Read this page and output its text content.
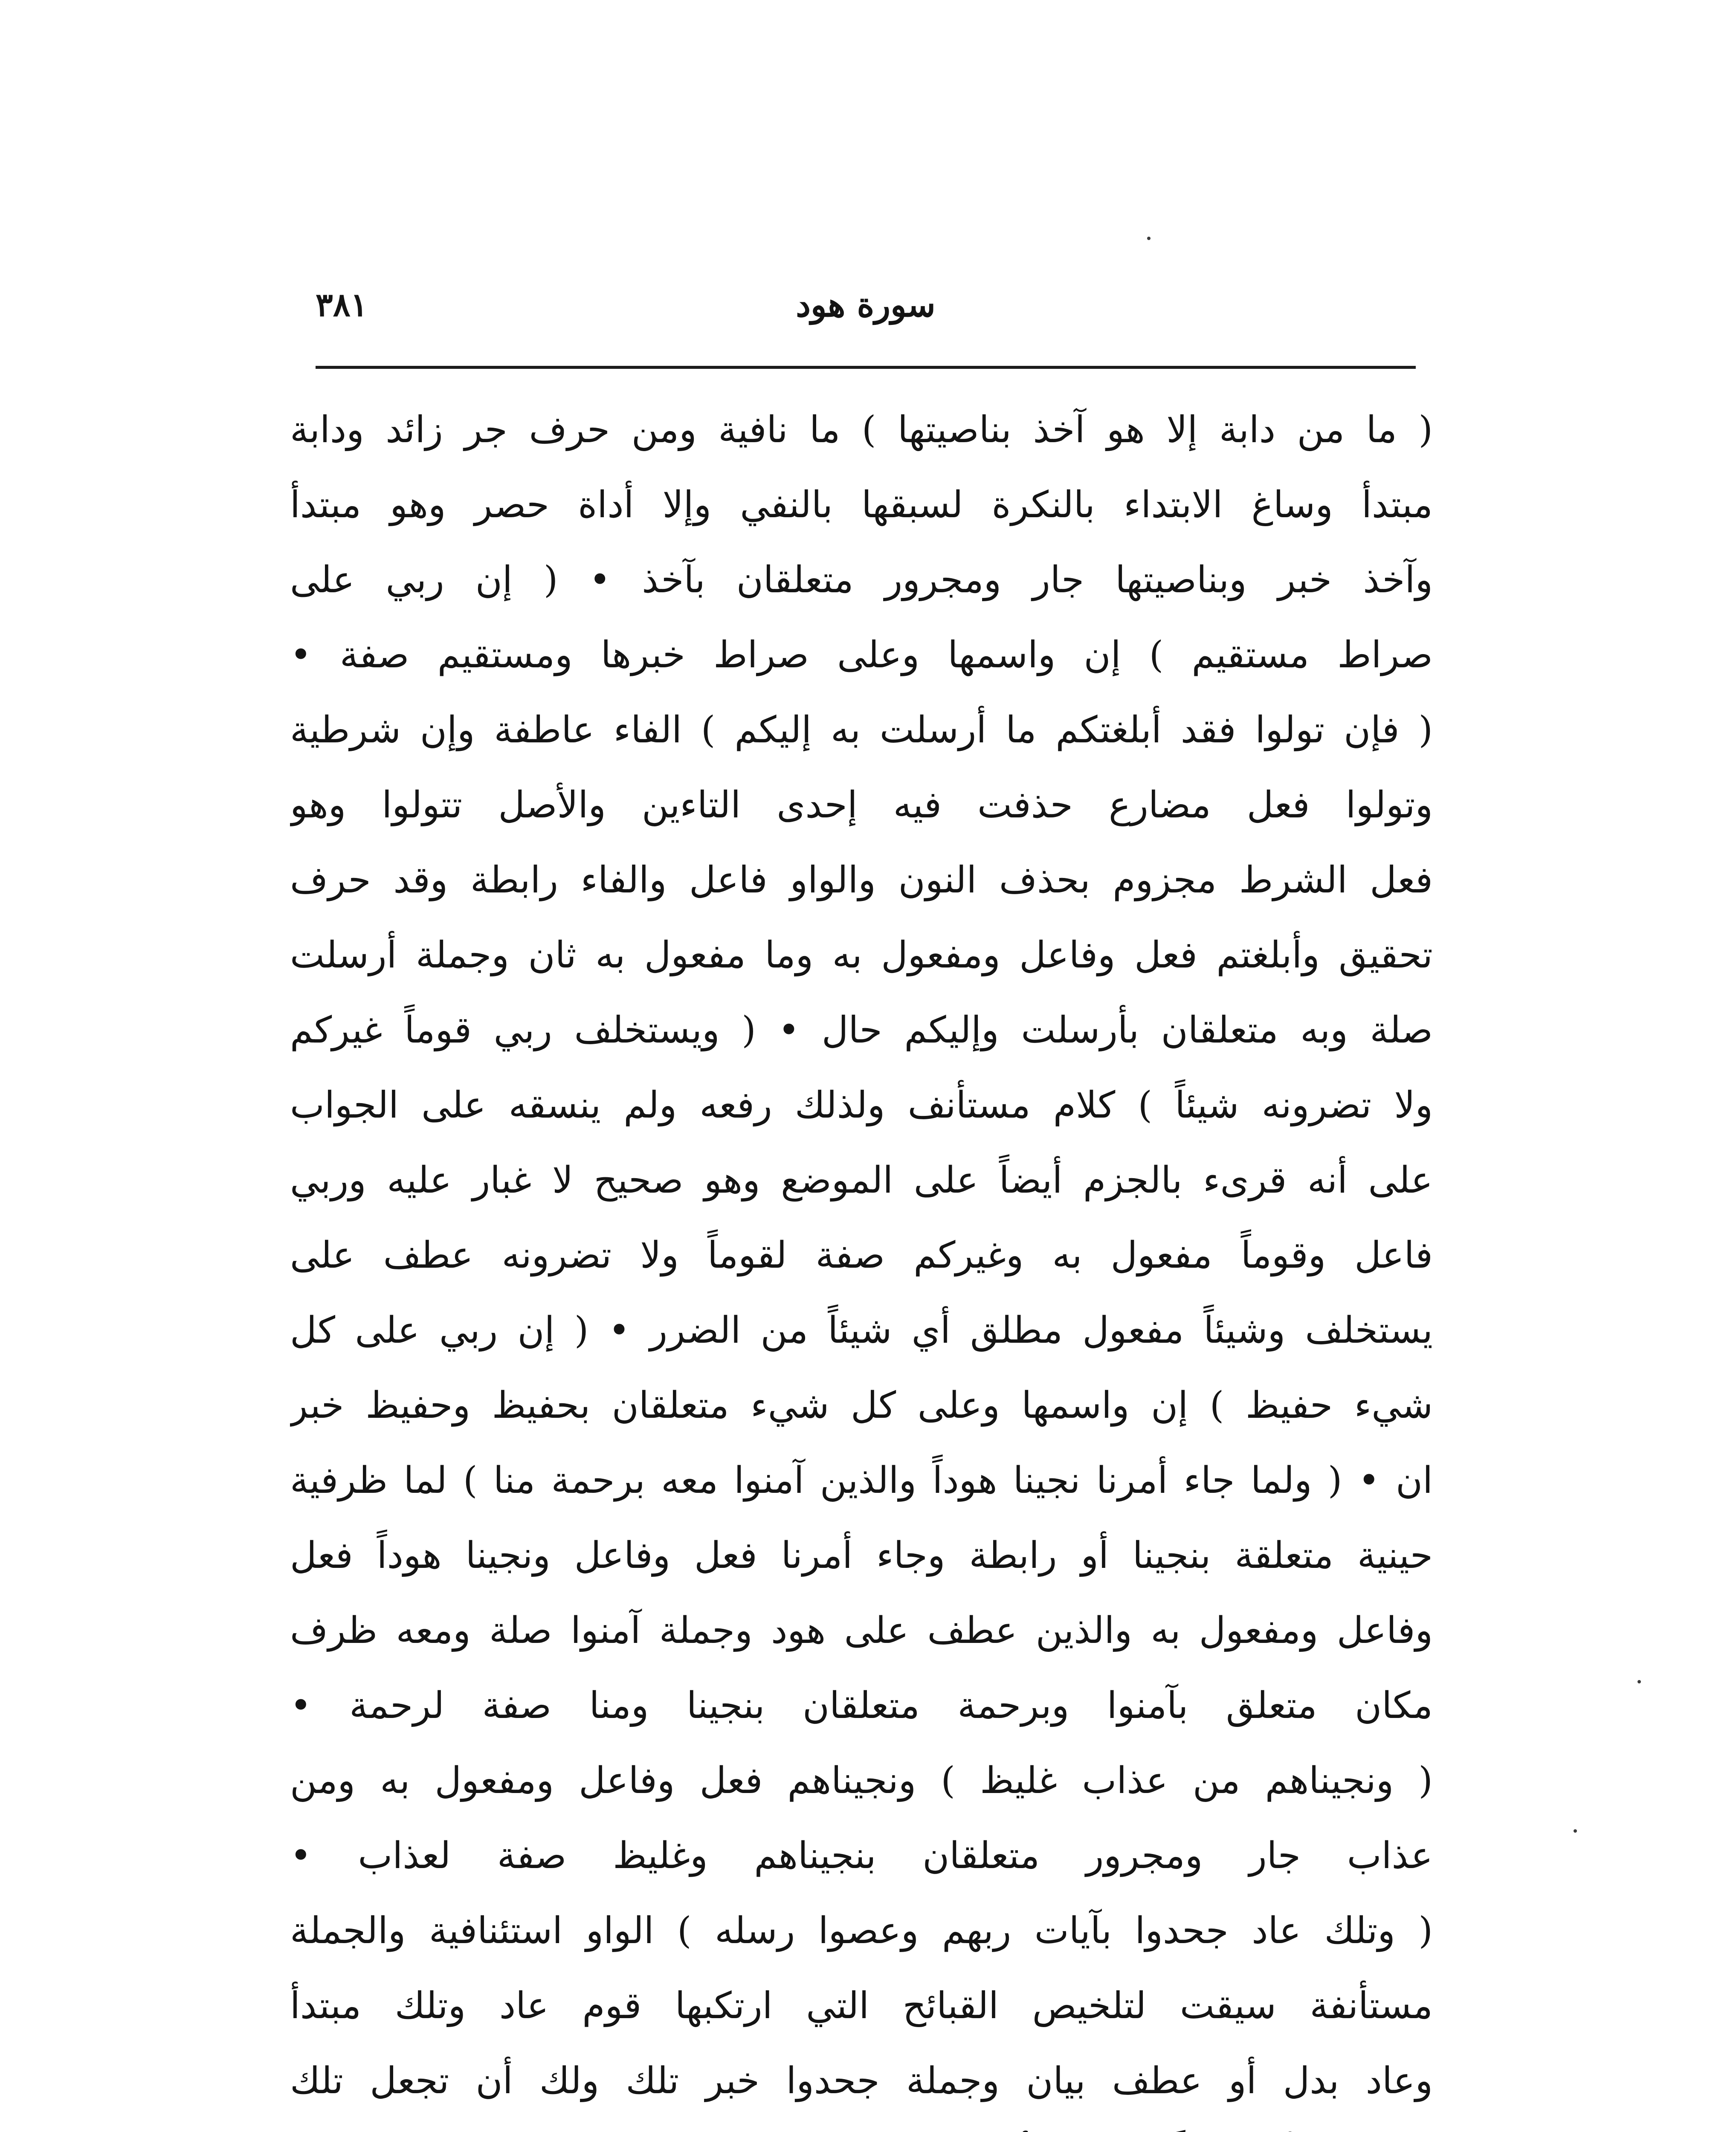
٣٨١	سورة هود
( ما من دابة إلا هو آخذ بناصيتها ) ما نافية ومن حرف جر زائد ودابة
مبتدأ وساغ الابتداء بالنكرة لسبقها بالنفي وإلا أداة حصر وهو مبتدأ
وآخذ خبر وبناصيتها جار ومجرور متعلقان بآخذ • ( إن ربي على
صراط مستقيم ) إن واسمها وعلى صراط خبرها ومستقيم صفة •
( فإن تولوا فقد أبلغتكم ما أرسلت به إليكم ) الفاء عاطفة وإن شرطية
وتولوا فعل مضارع حذفت فيه إحدى التاءين والأصل تتولوا وهو
فعل الشرط مجزوم بحذف النون والواو فاعل والفاء رابطة وقد حرف
تحقيق وأبلغتم فعل وفاعل ومفعول به وما مفعول به ثان وجملة أرسلت
صلة وبه متعلقان بأرسلت وإليكم حال • ( ويستخلف ربي قوماً غيركم
ولا تضرونه شيئاً ) كلام مستأنف ولذلك رفعه ولم ينسقه على الجواب
على أنه قرىء بالجزم أيضاً على الموضع وهو صحيح لا غبار عليه وربي
فاعل وقوماً مفعول به وغيركم صفة لقوماً ولا تضرونه عطف على
يستخلف وشيئاً مفعول مطلق أي شيئاً من الضرر • ( إن ربي على كل
شيء حفيظ ) إن واسمها وعلى كل شيء متعلقان بحفيظ وحفيظ خبر
ان • ( ولما جاء أمرنا نجينا هوداً والذين آمنوا معه برحمة منا ) لما ظرفية
حينية متعلقة بنجينا أو رابطة وجاء أمرنا فعل وفاعل ونجينا هوداً فعل
وفاعل ومفعول به والذين عطف على هود وجملة آمنوا صلة ومعه ظرف
مكان متعلق بآمنوا وبرحمة متعلقان بنجينا ومنا صفة لرحمة •
( ونجيناهم من عذاب غليظ ) ونجيناهم فعل وفاعل ومفعول به ومن
عذاب جار ومجرور متعلقان بنجيناهم وغليظ صفة لعذاب •
( وتلك عاد جحدوا بآيات ربهم وعصوا رسله ) الواو استئنافية والجملة
مستأنفة سيقت لتلخيص القبائح التي ارتكبها قوم عاد وتلك مبتدأ
وعاد بدل أو عطف بيان وجملة جحدوا خبر تلك ولك أن تجعل تلك
